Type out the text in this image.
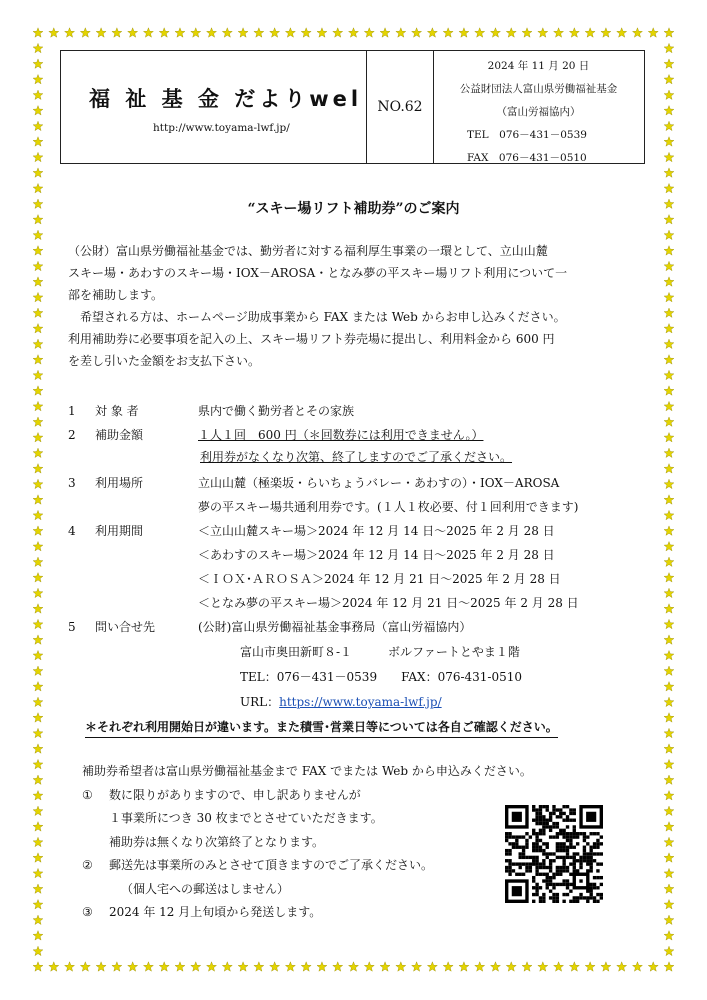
福 祉 基 金 だよりwel
http://www.toyama-lwf.jp/
NO.62
2024 年 11 月 20 日
公益財団法人富山県労働福祉基金
（富山労福協内）
TEL　076－431－0539
FAX　076－431－0510
“スキー場リフト補助券”のご案内
（公財）富山県労働福祉基金では、勤労者に対する福利厚生事業の一環として、立山山麓
スキー場・あわすのスキー場・IOX－AROSA・となみ夢の平スキー場リフト利用について一
部を補助します。
　希望される方は、ホームページ助成事業から FAX または Web からお申し込みください。
利用補助券に必要事項を記入の上、スキー場リフト券売場に提出し、利用料金から 600 円
を差し引いた金額をお支払下さい。
1 対 象 者	県内で働く勤労者とその家族
2 補助金額	１人１回　600 円（＊回数券には利用できません。）
利用券がなくなり次第、終了しますのでご了承ください。
3 利用場所	立山山麓（極楽坂・らいちょうバレー・あわすの）・IOX－AROSA
夢の平スキー場共通利用券です。(１人１枚必要、付１回利用できます)
4 利用期間	＜立山山麓スキー場＞2024 年 12 月 14 日～2025 年 2 月 28 日
＜あわすのスキー場＞2024 年 12 月 14 日～2025 年 2 月 28 日
＜ＩＯＸ･ＡＲＯＳＡ＞2024 年 12 月 21 日～2025 年 2 月 28 日
＜となみ夢の平スキー場＞2024 年 12 月 21 日～2025 年 2 月 28 日
5 問い合せ先	(公財)富山県労働福祉基金事務局（富山労福協内）
富山市奥田新町８‐１　　　ボルファートとやま１階
TEL：076－431－0539　　FAX：076‐431‐0510
URL：https://www.toyama-lwf.jp/
＊それぞれ利用開始日が違います。また積雪･営業日等については各自ご確認ください。
補助券希望者は富山県労働福祉基金まで FAX でまたは Web から申込みください。
① 数に限りがありますので、申し訳ありませんが
１事業所につき 30 枚までとさせていただきます。
補助券は無くなり次第終了となります。
② 郵送先は事業所のみとさせて頂きますのでご了承ください。
（個人宅への郵送はしません）
③ 2024 年 12 月上旬頃から発送します。
